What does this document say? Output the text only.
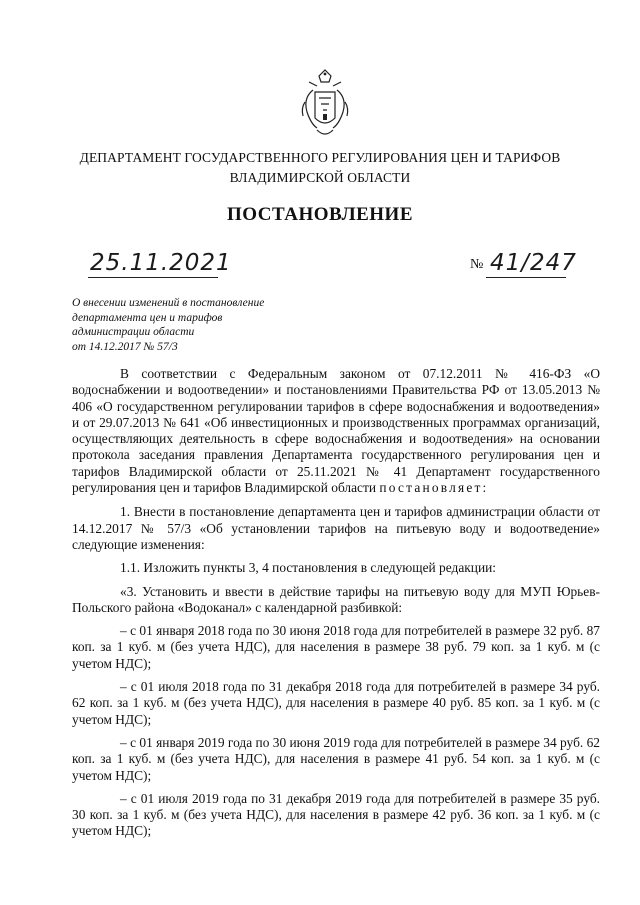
ДЕПАРТАМЕНТ ГОСУДАРСТВЕННОГО РЕГУЛИРОВАНИЯ ЦЕН И ТАРИФОВ
ВЛАДИМИРСКОЙ ОБЛАСТИ
ПОСТАНОВЛЕНИЕ
25.11.2021	№ 41/247
О внесении изменений в постановление
департамента цен и тарифов
администрации области
от 14.12.2017 № 57/3

В соответствии с Федеральным законом от 07.12.2011 № 416-ФЗ «О водоснабжении и водоотведении» и постановлениями Правительства РФ от 13.05.2013 № 406 «О государственном регулировании тарифов в сфере водоснабжения и водоотведения» и от 29.07.2013 № 641 «Об инвестиционных и производственных программах организаций, осуществляющих деятельность в сфере водоснабжения и водоотведения» на основании протокола заседания правления Департамента государственного регулирования цен и тарифов Владимирской области от 25.11.2021 № 41 Департамент государственного регулирования цен и тарифов Владимирской области постановляет:

1. Внести в постановление департамента цен и тарифов администрации области от 14.12.2017 № 57/3 «Об установлении тарифов на питьевую воду и водоотведение» следующие изменения:

1.1. Изложить пункты 3, 4 постановления в следующей редакции:

«3. Установить и ввести в действие тарифы на питьевую воду для МУП Юрьев-Польского района «Водоканал» с календарной разбивкой:

– с 01 января 2018 года по 30 июня 2018 года для потребителей в размере 32 руб. 87 коп. за 1 куб. м (без учета НДС), для населения в размере 38 руб. 79 коп. за 1 куб. м (с учетом НДС);

– с 01 июля 2018 года по 31 декабря 2018 года для потребителей в размере 34 руб. 62 коп. за 1 куб. м (без учета НДС), для населения в размере 40 руб. 85 коп. за 1 куб. м (с учетом НДС);

– с 01 января 2019 года по 30 июня 2019 года для потребителей в размере 34 руб. 62 коп. за 1 куб. м (без учета НДС), для населения в размере 41 руб. 54 коп. за 1 куб. м (с учетом НДС);

– с 01 июля 2019 года по 31 декабря 2019 года для потребителей в размере 35 руб. 30 коп. за 1 куб. м (без учета НДС), для населения в размере 42 руб. 36 коп. за 1 куб. м (с учетом НДС);
